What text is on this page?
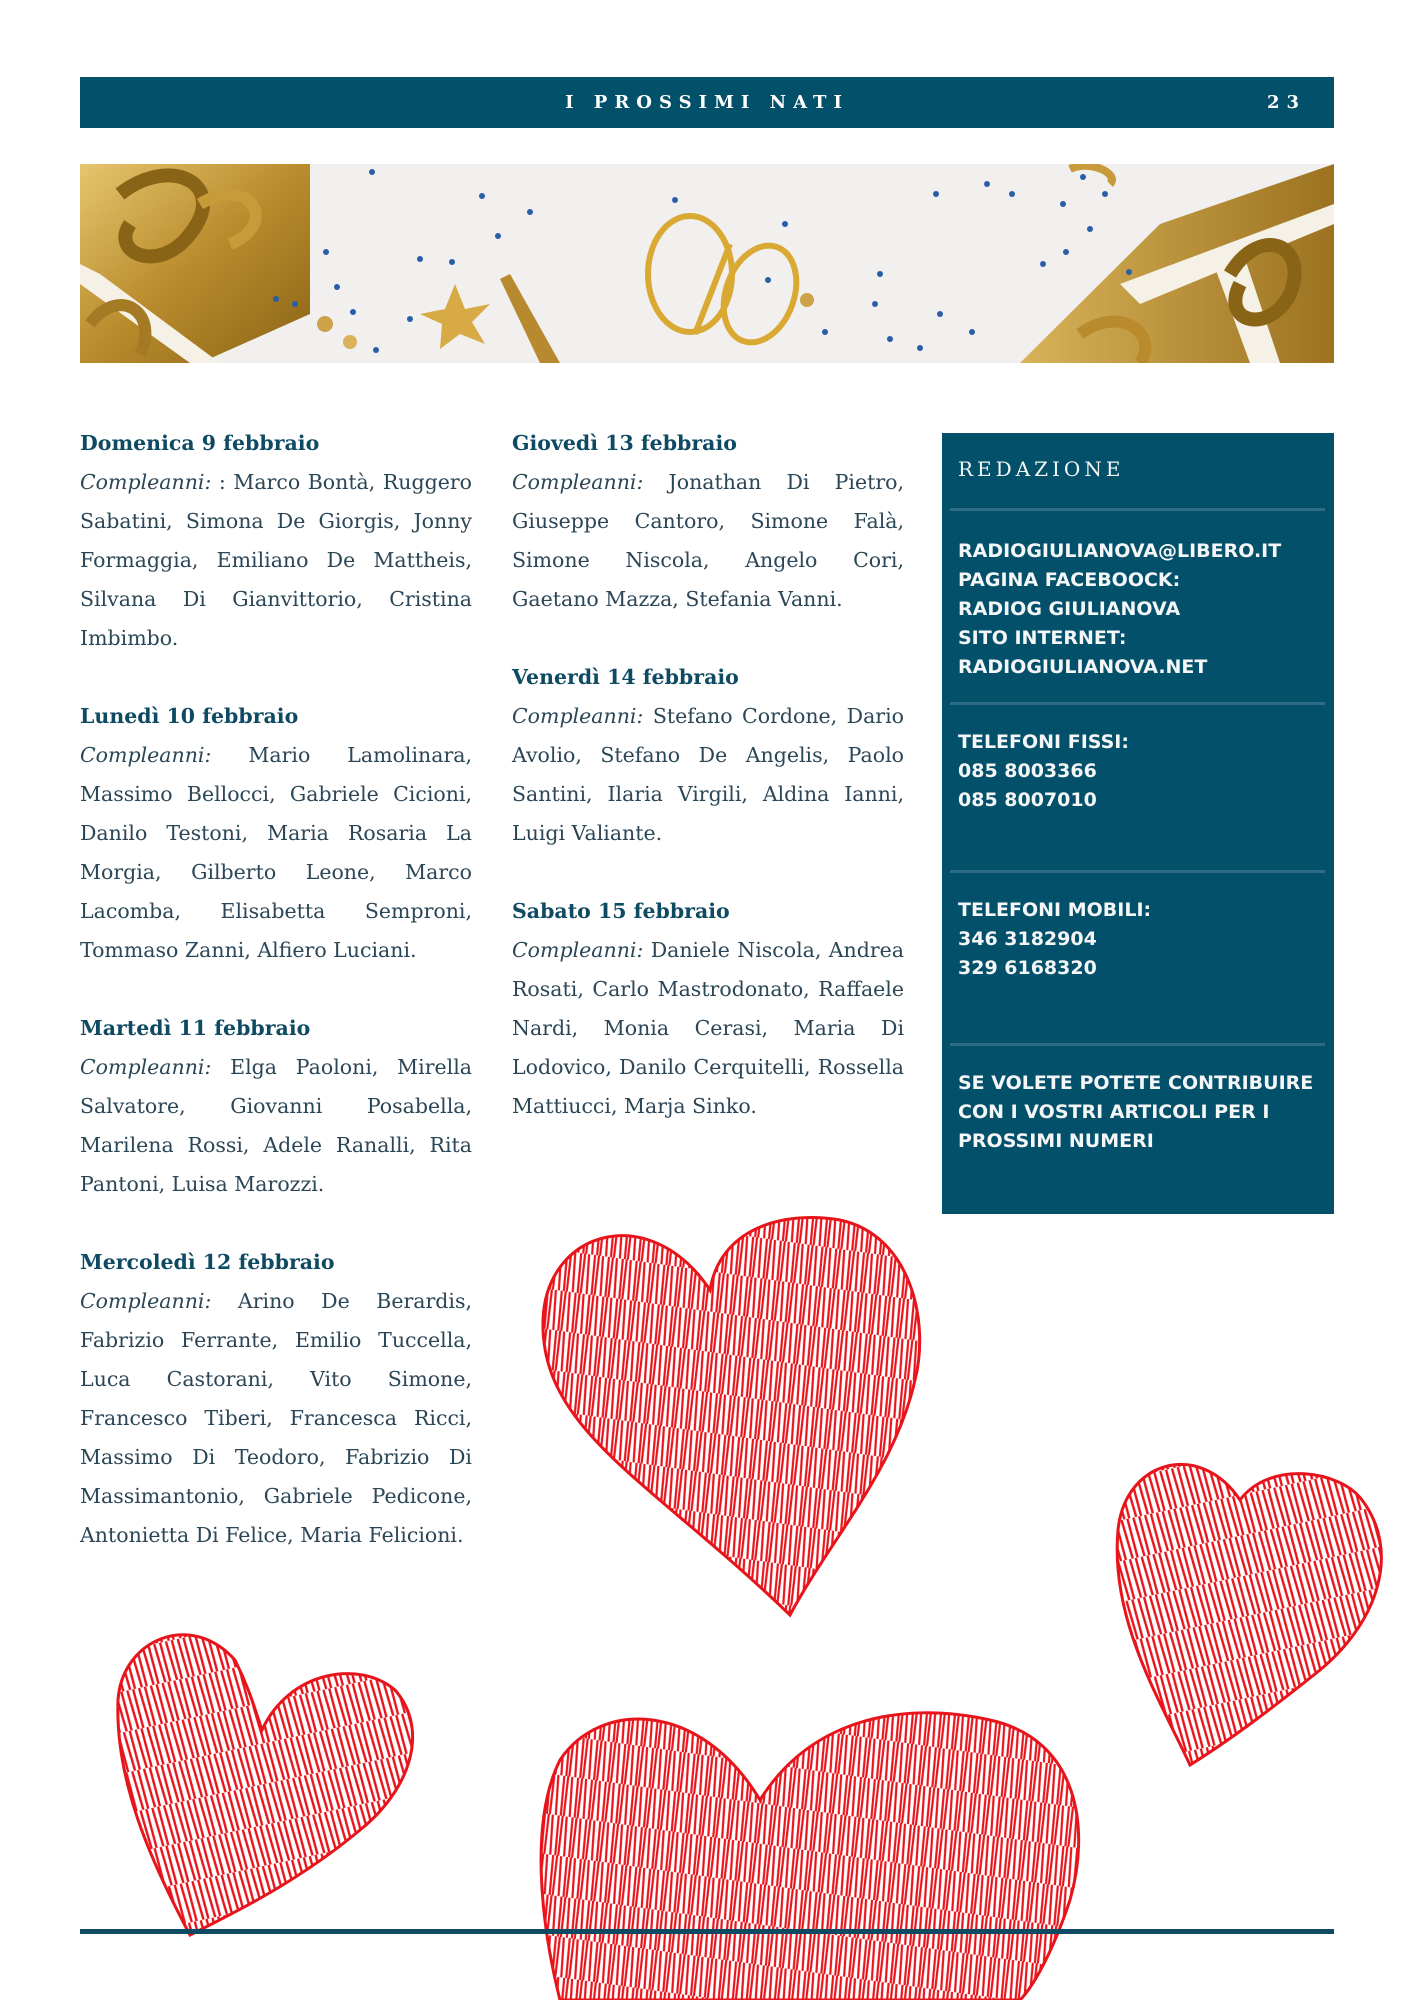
I PROSSIMI NATI	23
Domenica 9 febbraio
Compleanni: : Marco Bontà, Ruggero Sabatini, Simona De Giorgis, Jonny Formaggia, Emiliano De Mattheis, Silvana Di Gianvittorio, Cristina Imbimbo.
Lunedì 10 febbraio
Compleanni: Mario Lamolinara, Massimo Bellocci, Gabriele Cicioni, Danilo Testoni, Maria Rosaria La Morgia, Gilberto Leone, Marco Lacomba, Elisabetta Semproni, Tommaso Zanni, Alfiero Luciani.
Martedì 11 febbraio
Compleanni: Elga Paoloni, Mirella Salvatore, Giovanni Posabella, Marilena Rossi, Adele Ranalli, Rita Pantoni, Luisa Marozzi.
Mercoledì 12 febbraio
Compleanni: Arino De Berardis, Fabrizio Ferrante, Emilio Tuccella, Luca Castorani, Vito Simone, Francesco Tiberi, Francesca Ricci, Massimo Di Teodoro, Fabrizio Di Massimantonio, Gabriele Pedicone, Antonietta Di Felice, Maria Felicioni.
Giovedì 13 febbraio
Compleanni: Jonathan Di Pietro, Giuseppe Cantoro, Simone Falà, Simone Niscola, Angelo Cori, Gaetano Mazza, Stefania Vanni.
Venerdì 14 febbraio
Compleanni: Stefano Cordone, Dario Avolio, Stefano De Angelis, Paolo Santini, Ilaria Virgili, Aldina Ianni, Luigi Valiante.
Sabato 15 febbraio
Compleanni: Daniele Niscola, Andrea Rosati, Carlo Mastrodonato, Raffaele Nardi, Monia Cerasi, Maria Di Lodovico, Danilo Cerquitelli, Rossella Mattiucci, Marja Sinko.
REDAZIONE
RADIOGIULIANOVA@LIBERO.IT
PAGINA FACEBOOCK:
RADIOG GIULIANOVA
SITO INTERNET:
RADIOGIULIANOVA.NET
TELEFONI FISSI:
085 8003366
085 8007010
TELEFONI MOBILI:
346 3182904
329 6168320
SE VOLETE POTETE CONTRIBUIRE
CON I VOSTRI ARTICOLI PER I
PROSSIMI NUMERI
